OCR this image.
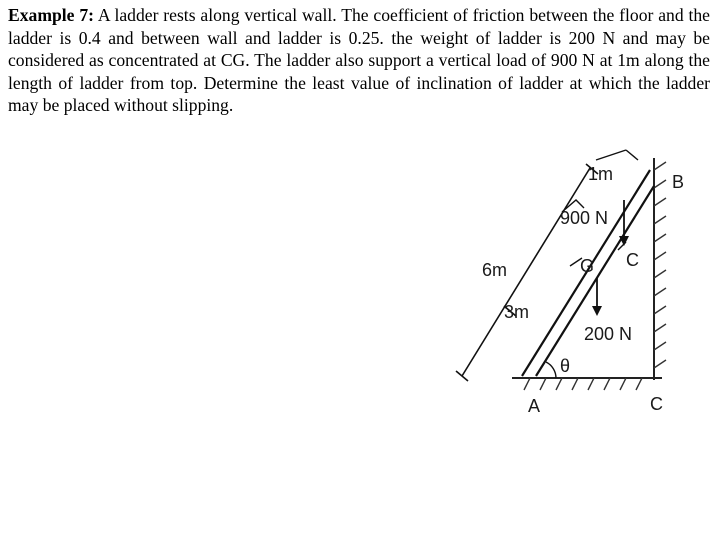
Example 7: A ladder rests along vertical wall. The coefficient of friction between the floor and the ladder is 0.4 and between wall and ladder is 0.25. the weight of ladder is 200 N and may be considered as concentrated at CG. The ladder also support a vertical load of 900 N at 1m along the length of ladder from top. Determine the least value of inclination of ladder at which the ladder may be placed without slipping.

1m	B
900 N
C
G
6m
3m
200 N
θ
A	C
